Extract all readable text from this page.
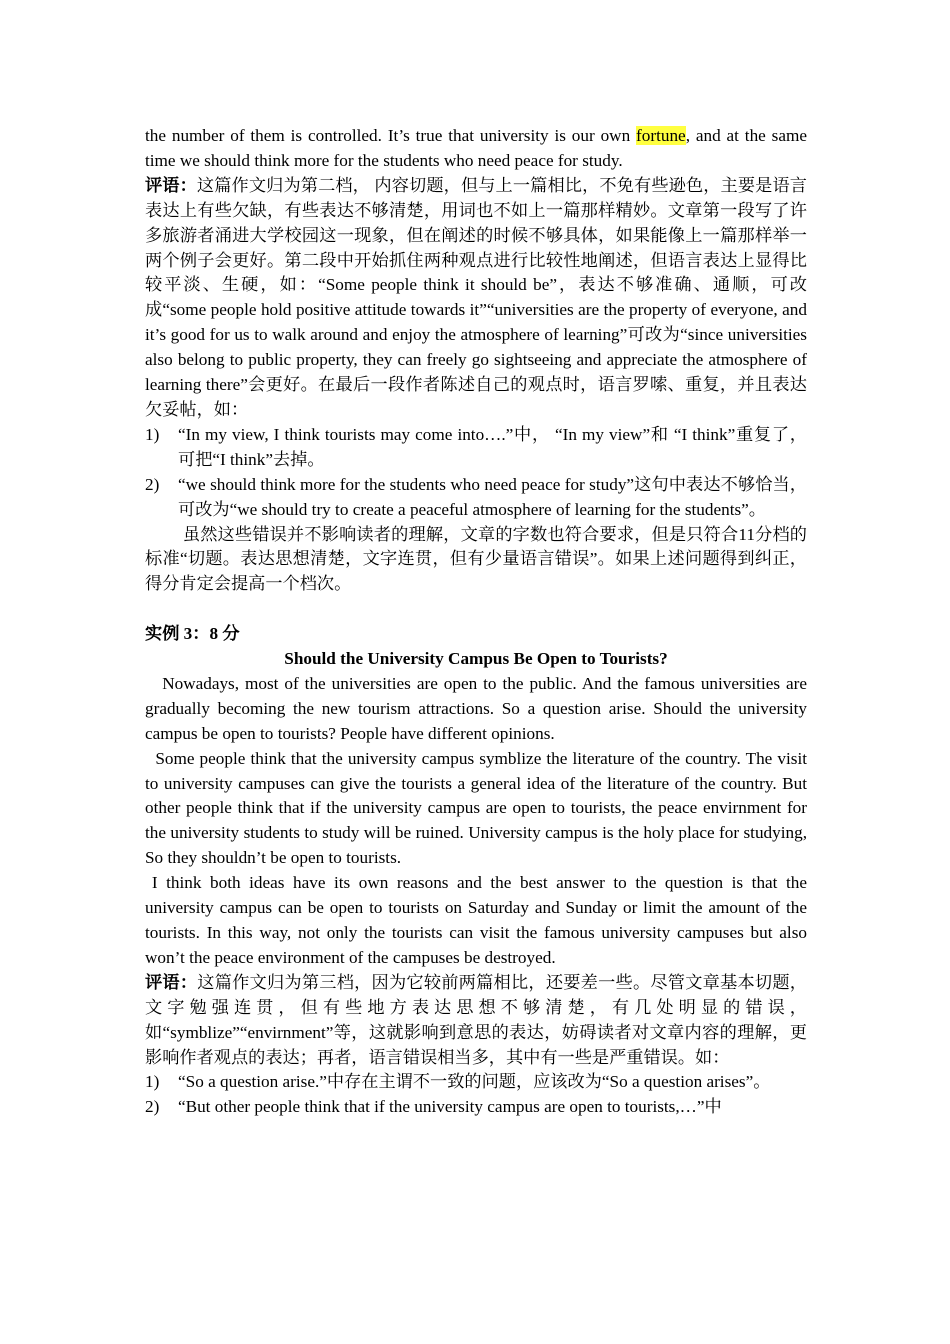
the number of them is controlled. It’s true that university is our own fortune, and at the same time we should think more for the students who need peace for study.

评语：这篇作文归为第二档， 内容切题，但与上一篇相比，不免有些逊色，主要是语言表达上有些欠缺，有些表达不够清楚，用词也不如上一篇那样精妙。文章第一段写了许多旅游者涌进大学校园这一现象，但在阐述的时候不够具体，如果能像上一篇那样举一两个例子会更好。第二段中开始抓住两种观点进行比较性地阐述，但语言表达上显得比较平淡、生硬，如：“Some people think it should be”，表达不够准确、通顺，可改成“some people hold positive attitude towards it”“universities are the property of everyone, and it’s good for us to walk around and enjoy the atmosphere of learning”可改为“since universities also belong to public property, they can freely go sightseeing and appreciate the atmosphere of learning there”会更好。在最后一段作者陈述自己的观点时，语言罗嗦、重复，并且表达欠妥帖，如：

1) “In my view, I think tourists may come into….”中， “In my view”和 “I think”重复了，可把“I think”去掉。

2) “we should think more for the students who need peace for study”这句中表达不够恰当，可改为“we should try to create a peaceful atmosphere of learning for the students”。

虽然这些错误并不影响读者的理解，文章的字数也符合要求，但是只符合11分档的标准“切题。表达思想清楚，文字连贯，但有少量语言错误”。如果上述问题得到纠正，得分肯定会提高一个档次。

实例 3：8 分

Should the University Campus Be Open to Tourists?

Nowadays, most of the universities are open to the public. And the famous universities are gradually becoming the new tourism attractions. So a question arise. Should the university campus be open to tourists? People have different opinions.

Some people think that the university campus symblize the literature of the country. The visit to university campuses can give the tourists a general idea of the literature of the country. But other people think that if the university campus are open to tourists, the peace envirnment for the university students to study will be ruined. University campus is the holy place for studying, So they shouldn’t be open to tourists.

I think both ideas have its own reasons and the best answer to the question is that the university campus can be open to tourists on Saturday and Sunday or limit the amount of the tourists. In this way, not only the tourists can visit the famous university campuses but also won’t the peace environment of the campuses be destroyed.

评语：这篇作文归为第三档，因为它较前两篇相比，还要差一些。尽管文章基本切题，文字勉强连贯，但有些地方表达思想不够清楚，有几处明显的错误，如“symblize”“envirnment”等，这就影响到意思的表达，妨碍读者对文章内容的理解，更影响作者观点的表达；再者，语言错误相当多，其中有一些是严重错误。如：

1) “So a question arise.”中存在主谓不一致的问题，应该改为“So a question arises”。

2) “But other people think that if the university campus are open to tourists,…”中
